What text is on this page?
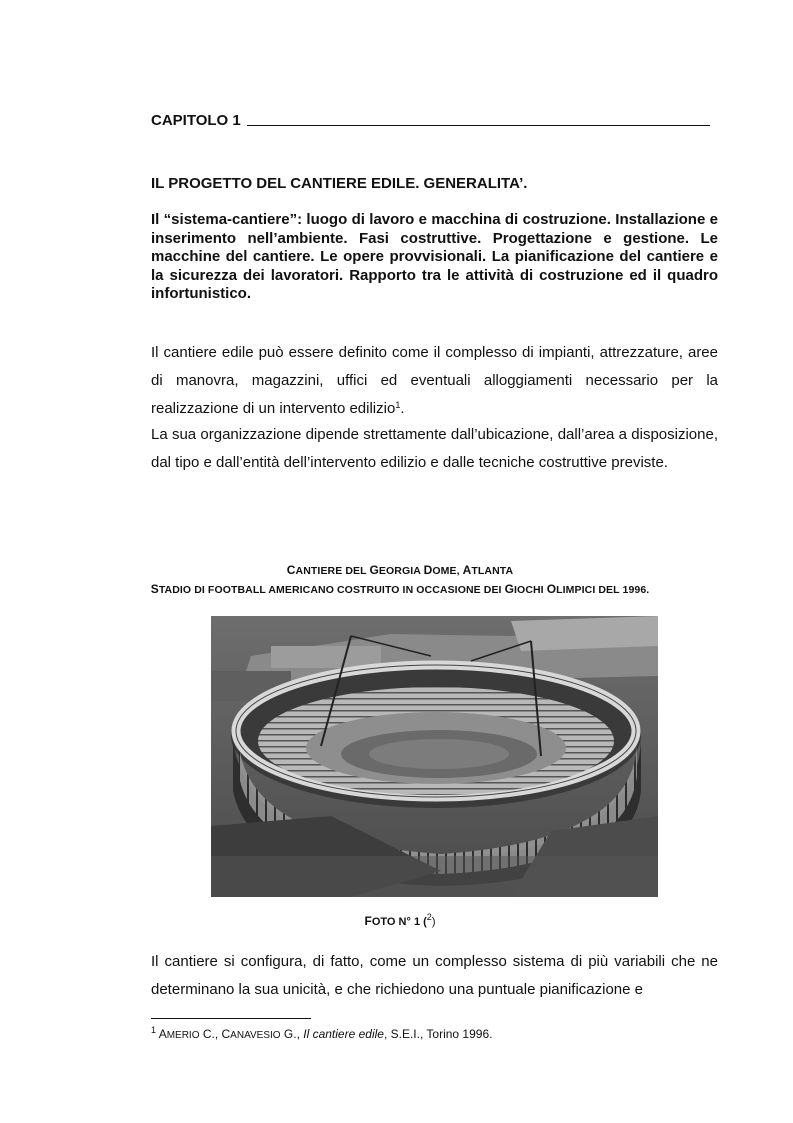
CAPITOLO 1
IL PROGETTO DEL CANTIERE EDILE. GENERALITA’.

Il “sistema-cantiere”: luogo di lavoro e macchina di costruzione. Installazione e inserimento nell’ambiente. Fasi costruttive. Progettazione e gestione. Le macchine del cantiere. Le opere provvisionali. La pianificazione del cantiere e la sicurezza dei lavoratori. Rapporto tra le attività di costruzione ed il quadro infortunistico.

Il cantiere edile può essere definito come il complesso di impianti, attrezzature, aree di manovra, magazzini, uffici ed eventuali alloggiamenti necessario per la realizzazione di un intervento edilizio$^1$.

La sua organizzazione dipende strettamente dall’ubicazione, dall’area a disposizione, dal tipo e dall’entità dell’intervento edilizio e dalle tecniche costruttive previste.

CANTIERE DEL GEORGIA DOME, ATLANTA

STADIO DI FOOTBALL AMERICANO COSTRUITO IN OCCASIONE DEI GIOCHI OLIMPICI DEL 1996.

FOTO N° 1 ($^2$)

Il cantiere si configura, di fatto, come un complesso sistema di più variabili che ne determinano la sua unicità, e che richiedono una puntuale pianificazione e

$^1$ AMERIO C., CANAVESIO G., Il cantiere edile, S.E.I., Torino 1996.
